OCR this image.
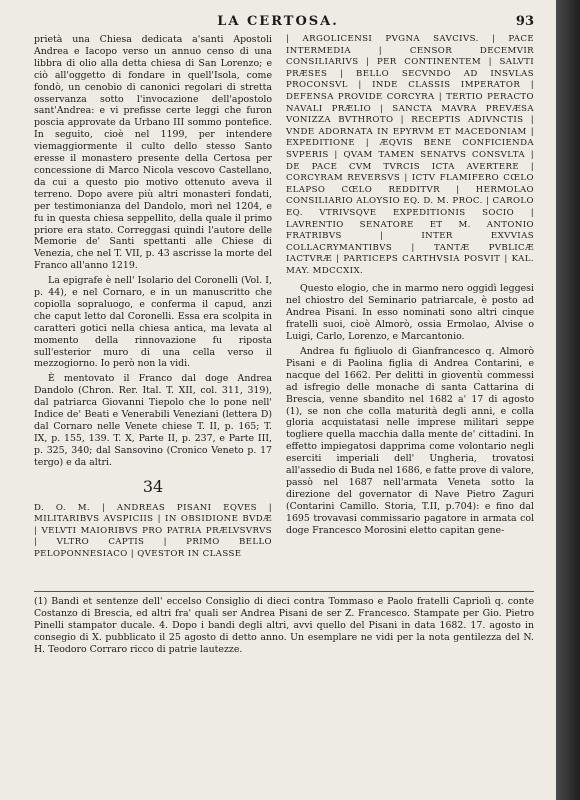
LA CERTOSA.	93

prietà una Chiesa dedicata a'santi Apostoli Andrea e Iacopo verso un annuo censo di una libbra di olio alla detta chiesa di San Lorenzo; e ciò all'oggetto di fondare in quell'Isola, come fondò, un cenobio di canonici regolari di stretta osservanza sotto l'invocazione dell'apostolo sant'Andrea: e vi prefisse certe leggi che furon posciа approvate da Urbano III sommo pontefice. In seguito, cioè nel 1199, per intendere viemaggiormente il culto dello stesso Santo eresse il monastero presente della Certosa per concessione di Marco Nicola vescovo Castellano, da cui a questo pio motivo ottenuto aveva il terreno. Dopo avere più altri monasteri fondati, per testimonianza del Dandolo, morì nel 1204, e fu in questa chiesa seppellito, della quale il primo priore era stato. Correggasi quindi l'autore delle Memorie de' Santi spettanti alle Chiese di Venezia, che nel T. VII, p. 43 ascrisse la morte del Franco all'anno 1219.

La epigrafe è nell' Isolario del Coronelli (Vol. I, p. 44), e nel Cornaro, e in un manuscritto che copiolla sopraluogo, e conferma il capud, anzi che caput letto dal Coronelli. Essa era scolpita in caratteri gotici nella chiesa antica, ma levata al momento della rinnovazione fu riposta sull'esterior muro di una cella verso il mezzogiorno. Io però non la vidi.

È mentovato il Franco dal doge Andrea Dandolo (Chron. Rer. Ital. T. XII, col. 311, 319), dal patriarca Giovanni Tiepolo che lo pone nell' Indice de' Beati e Venerabili Veneziani (lettera D) dal Cornaro nelle Venete chiese T. II, p. 165; T. IX, p. 155, 139. T. X, Parte II, p. 237, e Parte III, p. 325, 340; dal Sansovino (Cronico Veneto p. 17 tergo) e da altri.

34
D. O. M. | ANDREAS PISANI EQVES | MILITARIBVS AVSPICIIS | IN OBSIDIONE BVDÆ | VELVTI MAIORIBVS PRO PATRIA PRÆLVSVRVS | VLTRO CAPTIS | PRIMO BELLO PELOPONNESIACO | QVESTOR IN CLASSE
| ARGOLICENSI PVGNA SAVCIVS. | PACE INTERMEDIA | CENSOR DECEMVIR CONSILIARIVS | PER CONTINENTEM | SALVTI PRÆSES | BELLO SECVNDO AD INSVLAS PROCONSVL | INDE CLASSIS IMPERATOR | DEFENSA PROVIDE CORCYRA | TERTIO PERACTO NAVALI PRÆLIO | SANCTA MAVRA PREVÆSA VONIZZA BVTHROTO | RECEPTIS ADIVNCTIS | VNDE ADORNATA IN EPYRVM ET MACEDONIAM | EXPEDITIONE | ÆQVIS BENE CONFICIENDA SVPERIS | QVAM TAMEN SENATVS CONSVLTA | DE PACE CVM TVRCIS ICTA AVERTERE | CORCYRAM REVERSVS | ICTV FLAMIFERO CŒLO ELAPSO CŒLO REDDITVR | HERMOLAO CONSILIARIO ALOYSIO EQ. D. M. PROC. | CAROLO EQ. VTRIVSQVE EXPEDITIONIS SOCIO | LAVRENTIO SENATORE ET M. ANTONIO FRATRIBVS | INTER EXVVIAS COLLACRYMANTIBVS | TANTÆ PVBLICÆ IACTVRÆ | PARTICEPS CARTHVSIA POSVIT | KAL. MAY. MDCCXIX.

Questo elogio, che in marmo nero oggidì leggesi nel chiostro del Seminario patriarcale, è posto ad Andrea Pisani. In esso nominati sono altri cinque fratelli suoi, cioè Almorò, ossia Ermolao, Alvise o Luigi, Carlo, Lorenzo, e Marcantonio.

Andrea fu figliuolo di Gianfrancesco q. Almorò Pisani e di Paolina figlia di Andrea Contarini, e nacque del 1662. Per delitti in gioventù commessi ad isfregio delle monache di santa Cattarina di Brescia, venne sbandito nel 1682 a' 17 di agosto (1), se non che colla maturità degli anni, e colla gloria acquistatasi nelle imprese militari seppe togliere quella macchia dalla mente de' cittadini. In effetto impiegatosi dapprima come volontario negli eserciti imperiali dell' Ungheria, trovatosi all'assedio di Buda nel 1686, e fatte prove di valore, passò nel 1687 nell'armata Veneta sotto la direzione del governator di Nave Pietro Zaguri (Contarini Camillo. Storia, T.II, p.704): e fino dal 1695 trovavasi commissario pagatore in armata col doge Francesco Morosini eletto capitan gene-

(1) Bandi et sentenze dell' eccelso Consiglio di dieci contra Tommaso e Paolo fratelli Capriolì q. conte Costanzo di Brescia, ed altri fra' quali ser Andrea Pisani de ser Z. Francesco. Stampate per Gio. Pietro Pinelli stampator ducale. 4. Dopo i bandi degli altri, avvi quello del Pisani in data 1682. 17. agosto in consegio di X. pubblicato il 25 agosto di detto anno. Un esemplare ne vidi per la nota gentilezza del N. H. Teodoro Corraro ricco di patrie lautezze.
